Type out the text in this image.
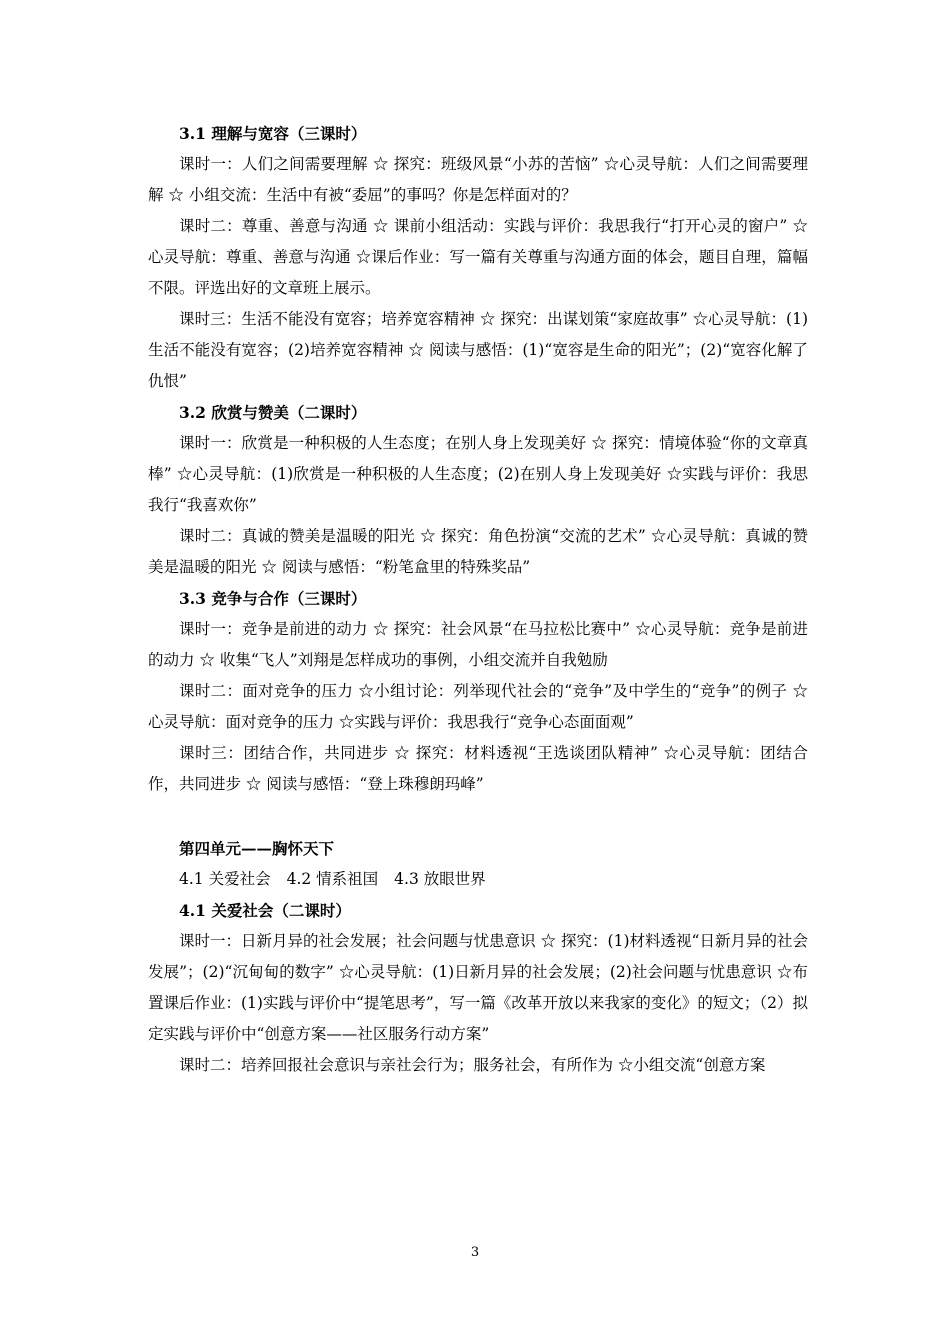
3.1 理解与宽容（三课时）

课时一：人们之间需要理解 ☆ 探究：班级风景“小苏的苦恼” ☆心灵导航：人们之间需要理解 ☆ 小组交流：生活中有被“委屈”的事吗？你是怎样面对的？

课时二：尊重、善意与沟通 ☆ 课前小组活动：实践与评价：我思我行“打开心灵的窗户” ☆心灵导航：尊重、善意与沟通 ☆课后作业：写一篇有关尊重与沟通方面的体会，题目自理，篇幅不限。评选出好的文章班上展示。

课时三：生活不能没有宽容；培养宽容精神 ☆ 探究：出谋划策“家庭故事” ☆心灵导航：(1)生活不能没有宽容；(2)培养宽容精神 ☆ 阅读与感悟：(1)“宽容是生命的阳光”；(2)“宽容化解了仇恨”

3.2 欣赏与赞美（二课时）

课时一：欣赏是一种积极的人生态度；在别人身上发现美好 ☆ 探究：情境体验“你的文章真棒” ☆心灵导航：(1)欣赏是一种积极的人生态度；(2)在别人身上发现美好 ☆实践与评价：我思我行“我喜欢你”

课时二：真诚的赞美是温暖的阳光 ☆ 探究：角色扮演“交流的艺术” ☆心灵导航：真诚的赞美是温暖的阳光 ☆ 阅读与感悟：“粉笔盒里的特殊奖品”

3.3 竞争与合作（三课时）

课时一：竞争是前进的动力 ☆ 探究：社会风景“在马拉松比赛中” ☆心灵导航：竞争是前进的动力 ☆ 收集“飞人”刘翔是怎样成功的事例，小组交流并自我勉励

课时二：面对竞争的压力 ☆小组讨论：列举现代社会的“竞争”及中学生的“竞争”的例子 ☆ 心灵导航：面对竞争的压力 ☆实践与评价：我思我行“竞争心态面面观”

课时三：团结合作，共同进步 ☆ 探究：材料透视“王选谈团队精神” ☆心灵导航：团结合作，共同进步 ☆ 阅读与感悟：“登上珠穆朗玛峰”

第四单元——胸怀天下

4.1 关爱社会 4.2 情系祖国 4.3 放眼世界

4.1 关爱社会（二课时）

课时一：日新月异的社会发展；社会问题与忧患意识 ☆ 探究：(1)材料透视“日新月异的社会发展”；(2)“沉甸甸的数字” ☆心灵导航：(1)日新月异的社会发展；(2)社会问题与忧患意识 ☆布置课后作业：(1)实践与评价中“提笔思考”，写一篇《改革开放以来我家的变化》的短文；（2）拟定实践与评价中“创意方案——社区服务行动方案”

课时二：培养回报社会意识与亲社会行为；服务社会，有所作为 ☆小组交流“创意方案

3
